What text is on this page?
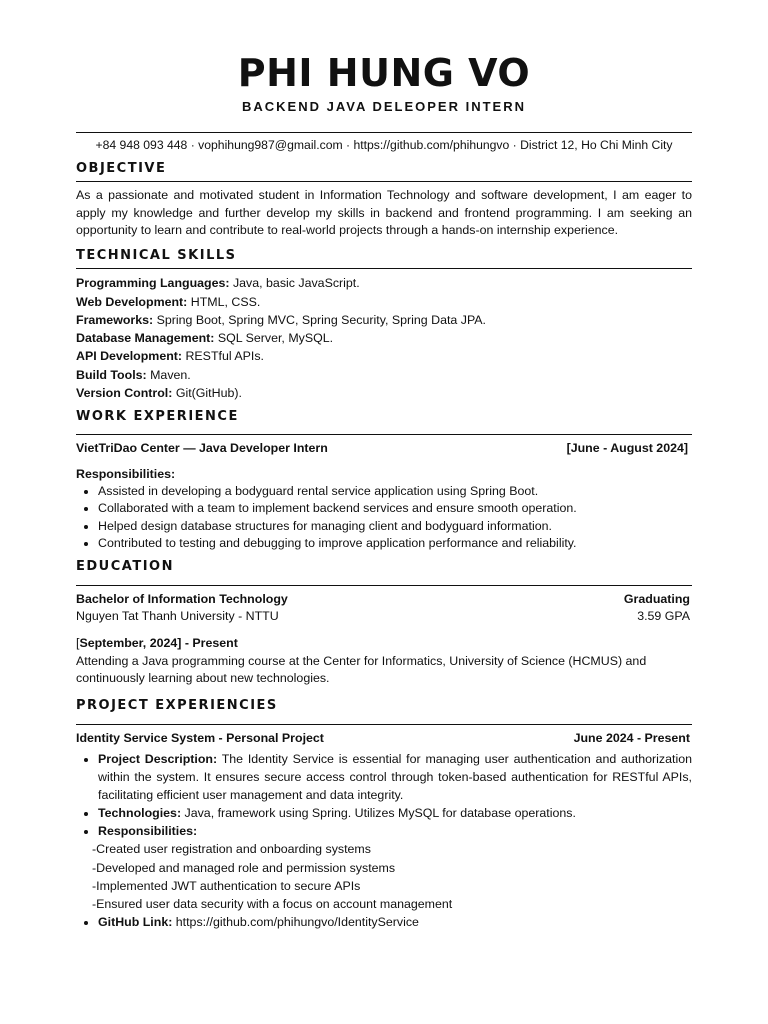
PHI HUNG VO
BACKEND JAVA DELEOPER INTERN
+84 948 093 448 · vophihung987@gmail.com · https://github.com/phihungvo · District 12, Ho Chi Minh City
OBJECTIVE

As a passionate and motivated student in Information Technology and software development, I am eager to apply my knowledge and further develop my skills in backend and frontend programming. I am seeking an opportunity to learn and contribute to real-world projects through a hands-on internship experience.

TECHNICAL SKILLS
Programming Languages: Java, basic JavaScript.
Web Development: HTML, CSS.
Frameworks: Spring Boot, Spring MVC, Spring Security, Spring Data JPA.
Database Management: SQL Server, MySQL.
API Development: RESTful APIs.
Build Tools: Maven.
Version Control: Git(GitHub).
WORK EXPERIENCE
VietTriDao Center — Java Developer Intern	[June - August 2024]
Responsibilities:
• Assisted in developing a bodyguard rental service application using Spring Boot.
• Collaborated with a team to implement backend services and ensure smooth operation.
• Helped design database structures for managing client and bodyguard information.
• Contributed to testing and debugging to improve application performance and reliability.
EDUCATION
Bachelor of Information Technology	Graduating
Nguyen Tat Thanh University - NTTU	3.59 GPA
[September, 2024] - Present

Attending a Java programming course at the Center for Informatics, University of Science (HCMUS) and continuously learning about new technologies.

PROJECT EXPERIENCIES
Identity Service System - Personal Project	June 2024 - Present
• Project Description: The Identity Service is essential for managing user authentication and authorization within the system. It ensures secure access control through token-based authentication for RESTful APIs, facilitating efficient user management and data integrity.
• Technologies: Java, framework using Spring. Utilizes MySQL for database operations.
• Responsibilities:
-Created user registration and onboarding systems
-Developed and managed role and permission systems
-Implemented JWT authentication to secure APIs
-Ensured user data security with a focus on account management
• GitHub Link: https://github.com/phihungvo/IdentityService
